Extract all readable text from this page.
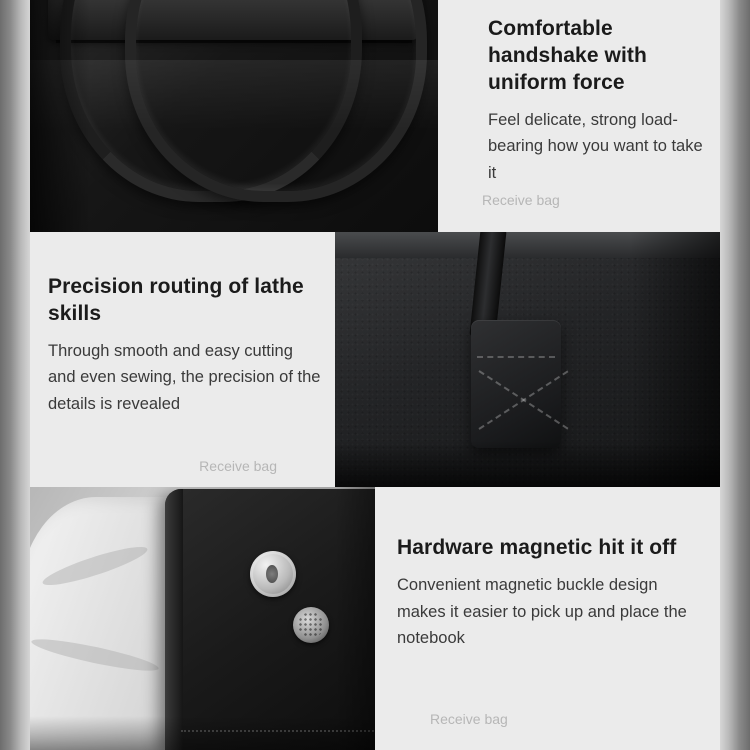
Comfortable handshake with uniform force

Feel delicate, strong load-bearing how you want to take it

Receive bag
Precision routing of lathe skills

Through smooth and easy cutting and even sewing, the precision of the details is revealed

Receive bag
Hardware magnetic hit it off

Convenient magnetic buckle design makes it easier to pick up and place the notebook

Receive bag
